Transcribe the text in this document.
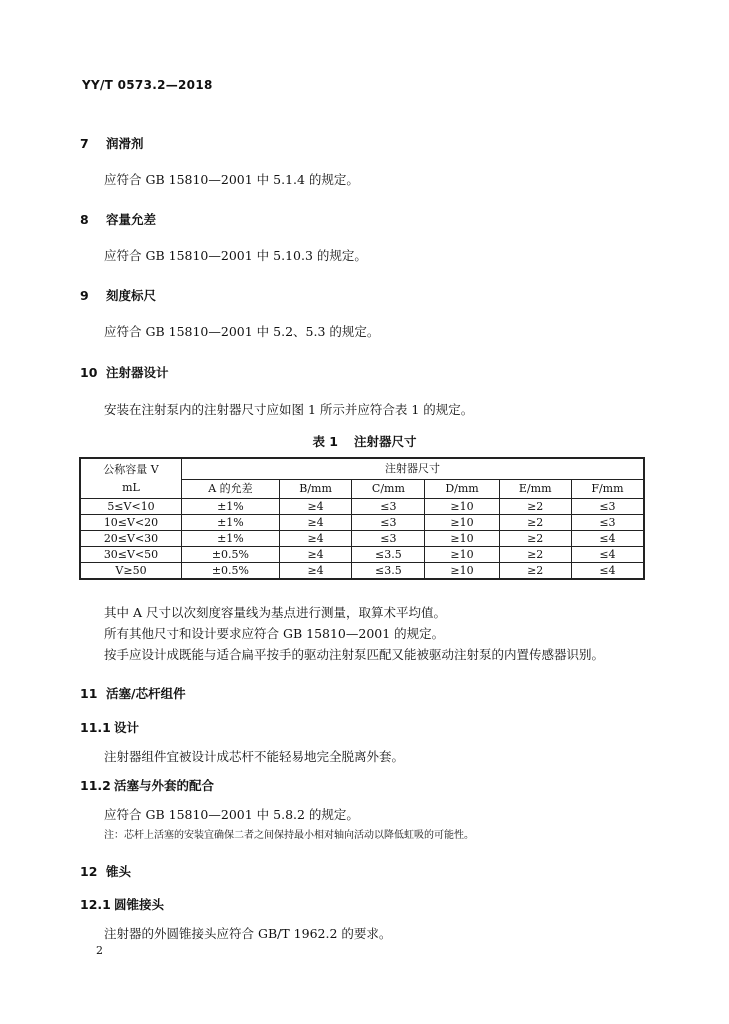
YY/T 0573.2—2018
7 润滑剂
应符合 GB 15810—2001 中 5.1.4 的规定。
8 容量允差
应符合 GB 15810—2001 中 5.10.3 的规定。
9 刻度标尺
应符合 GB 15810—2001 中 5.2、5.3 的规定。
10 注射器设计
安装在注射泵内的注射器尺寸应如图 1 所示并应符合表 1 的规定。
表 1 注射器尺寸
公称容量 V
mL	注射器尺寸					
	A 的允差	B/mm	C/mm	D/mm	E/mm	F/mm
5≤V<10	±1%	≥4	≤3	≥10	≥2	≤3
10≤V<20	±1%	≥4	≤3	≥10	≥2	≤3
20≤V<30	±1%	≥4	≤3	≥10	≥2	≤4
30≤V<50	±0.5%	≥4	≤3.5	≥10	≥2	≤4
V≥50	±0.5%	≥4	≤3.5	≥10	≥2	≤4
其中 A 尺寸以次刻度容量线为基点进行测量，取算术平均值。
所有其他尺寸和设计要求应符合 GB 15810—2001 的规定。
按手应设计成既能与适合扁平按手的驱动注射泵匹配又能被驱动注射泵的内置传感器识别。
11 活塞/芯杆组件
11.1 设计
注射器组件宜被设计成芯杆不能轻易地完全脱离外套。
11.2 活塞与外套的配合
应符合 GB 15810—2001 中 5.8.2 的规定。
注：芯杆上活塞的安装宜确保二者之间保持最小相对轴向活动以降低虹吸的可能性。
12 锥头
12.1 圆锥接头
注射器的外圆锥接头应符合 GB/T 1962.2 的要求。
2
